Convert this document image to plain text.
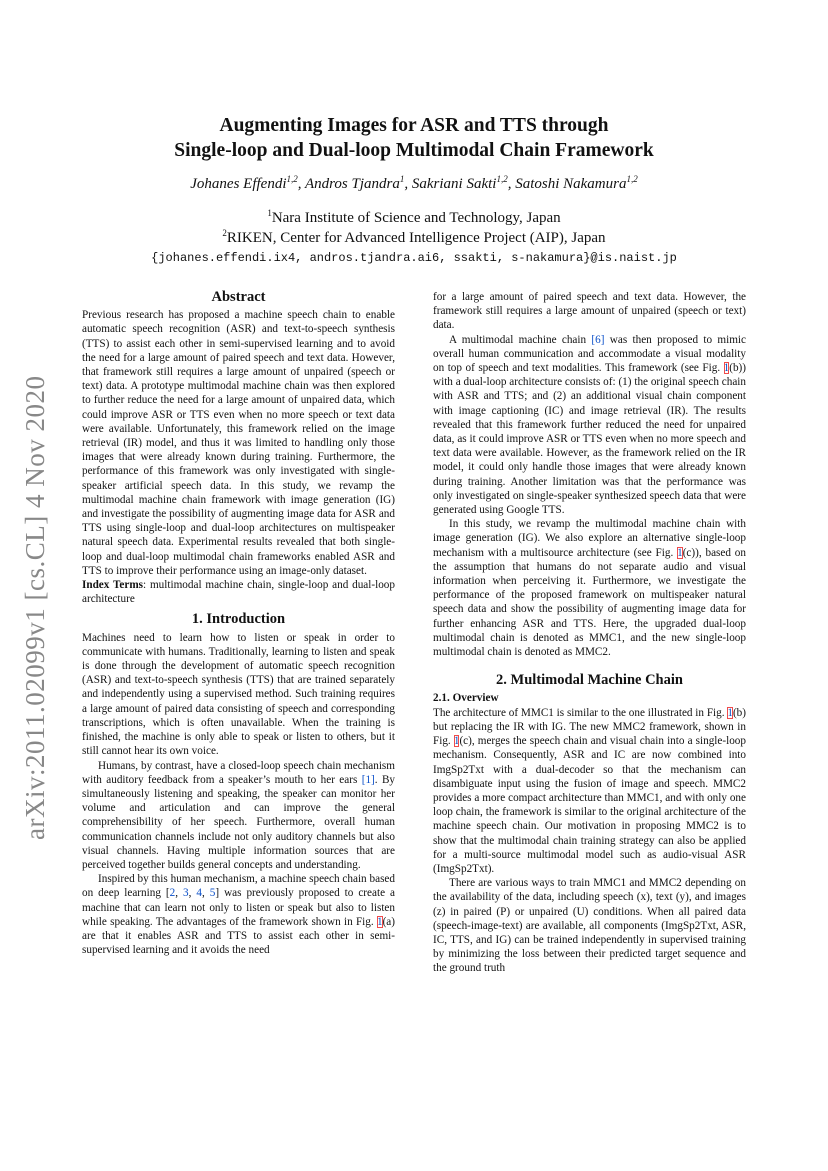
arXiv:2011.02099v1 [cs.CL] 4 Nov 2020
Augmenting Images for ASR and TTS through
Single-loop and Dual-loop Multimodal Chain Framework
Johanes Effendi$^{1,2}$, Andros Tjandra$^1$, Sakriani Sakti$^{1,2}$, Satoshi Nakamura$^{1,2}$
$^1$Nara Institute of Science and Technology, Japan
$^2$RIKEN, Center for Advanced Intelligence Project (AIP), Japan
{johanes.effendi.ix4, andros.tjandra.ai6, ssakti, s-nakamura}@is.naist.jp
Abstract

Previous research has proposed a machine speech chain to enable automatic speech recognition (ASR) and text-to-speech synthesis (TTS) to assist each other in semi-supervised learning and to avoid the need for a large amount of paired speech and text data. However, that framework still requires a large amount of unpaired (speech or text) data. A prototype multimodal machine chain was then explored to further reduce the need for a large amount of unpaired data, which could improve ASR or TTS even when no more speech or text data were available. Unfortunately, this framework relied on the image retrieval (IR) model, and thus it was limited to handling only those images that were already known during training. Furthermore, the performance of this framework was only investigated with single-speaker artificial speech data. In this study, we revamp the multimodal machine chain framework with image generation (IG) and investigate the possibility of augmenting image data for ASR and TTS using single-loop and dual-loop architectures on multispeaker natural speech data. Experimental results revealed that both single-loop and dual-loop multimodal chain frameworks enabled ASR and TTS to improve their performance using an image-only dataset.

Index Terms: multimodal machine chain, single-loop and dual-loop architecture

1. Introduction

Machines need to learn how to listen or speak in order to communicate with humans. Traditionally, learning to listen and speak is done through the development of automatic speech recognition (ASR) and text-to-speech synthesis (TTS) that are trained separately and independently using a supervised method. Such training requires a large amount of paired data consisting of speech and corresponding transcriptions, which is often unavailable. When the training is finished, the machine is only able to speak or listen to others, but it still cannot hear its own voice.

Humans, by contrast, have a closed-loop speech chain mechanism with auditory feedback from a speaker’s mouth to her ears [1]. By simultaneously listening and speaking, the speaker can monitor her volume and articulation and can improve the general comprehensibility of her speech. Furthermore, overall human communication channels include not only auditory channels but also visual channels. Having multiple information sources that are perceived together builds general concepts and understanding.

Inspired by this human mechanism, a machine speech chain based on deep learning [2, 3, 4, 5] was previously proposed to create a machine that can learn not only to listen or speak but also to listen while speaking. The advantages of the framework shown in Fig. 1(a) are that it enables ASR and TTS to assist each other in semi-supervised learning and it avoids the need

for a large amount of paired speech and text data. However, the framework still requires a large amount of unpaired (speech or text) data.

A multimodal machine chain [6] was then proposed to mimic overall human communication and accommodate a visual modality on top of speech and text modalities. This framework (see Fig. 1(b)) with a dual-loop architecture consists of: (1) the original speech chain with ASR and TTS; and (2) an additional visual chain component with image captioning (IC) and image retrieval (IR). The results revealed that this framework further reduced the need for unpaired data, as it could improve ASR or TTS even when no more speech and text data were available. However, as the framework relied on the IR model, it could only handle those images that were already known during training. Another limitation was that the performance was only investigated on single-speaker synthesized speech data that were generated using Google TTS.

In this study, we revamp the multimodal machine chain with image generation (IG). We also explore an alternative single-loop mechanism with a multisource architecture (see Fig. 1(c)), based on the assumption that humans do not separate audio and visual information when perceiving it. Furthermore, we investigate the performance of the proposed framework on multispeaker natural speech data and show the possibility of augmenting image data for further enhancing ASR and TTS. Here, the upgraded dual-loop multimodal chain is denoted as MMC1, and the new single-loop multimodal chain is denoted as MMC2.

2. Multimodal Machine Chain
2.1. Overview

The architecture of MMC1 is similar to the one illustrated in Fig. 1(b) but replacing the IR with IG. The new MMC2 framework, shown in Fig. 1(c), merges the speech chain and visual chain into a single-loop mechanism. Consequently, ASR and IC are now combined into ImgSp2Txt with a dual-decoder so that the mechanism can disambiguate input using the fusion of image and speech. MMC2 provides a more compact architecture than MMC1, and with only one loop chain, the framework is similar to the original architecture of the machine speech chain. Our motivation in proposing MMC2 is to show that the multimodal chain training strategy can also be applied for a multi-source multimodal model such as audio-visual ASR (ImgSp2Txt).

There are various ways to train MMC1 and MMC2 depending on the availability of the data, including speech (x), text (y), and images (z) in paired (P) or unpaired (U) conditions. When all paired data (speech-image-text) are available, all components (ImgSp2Txt, ASR, IC, TTS, and IG) can be trained independently in supervised training by minimizing the loss between their predicted target sequence and the ground truth
